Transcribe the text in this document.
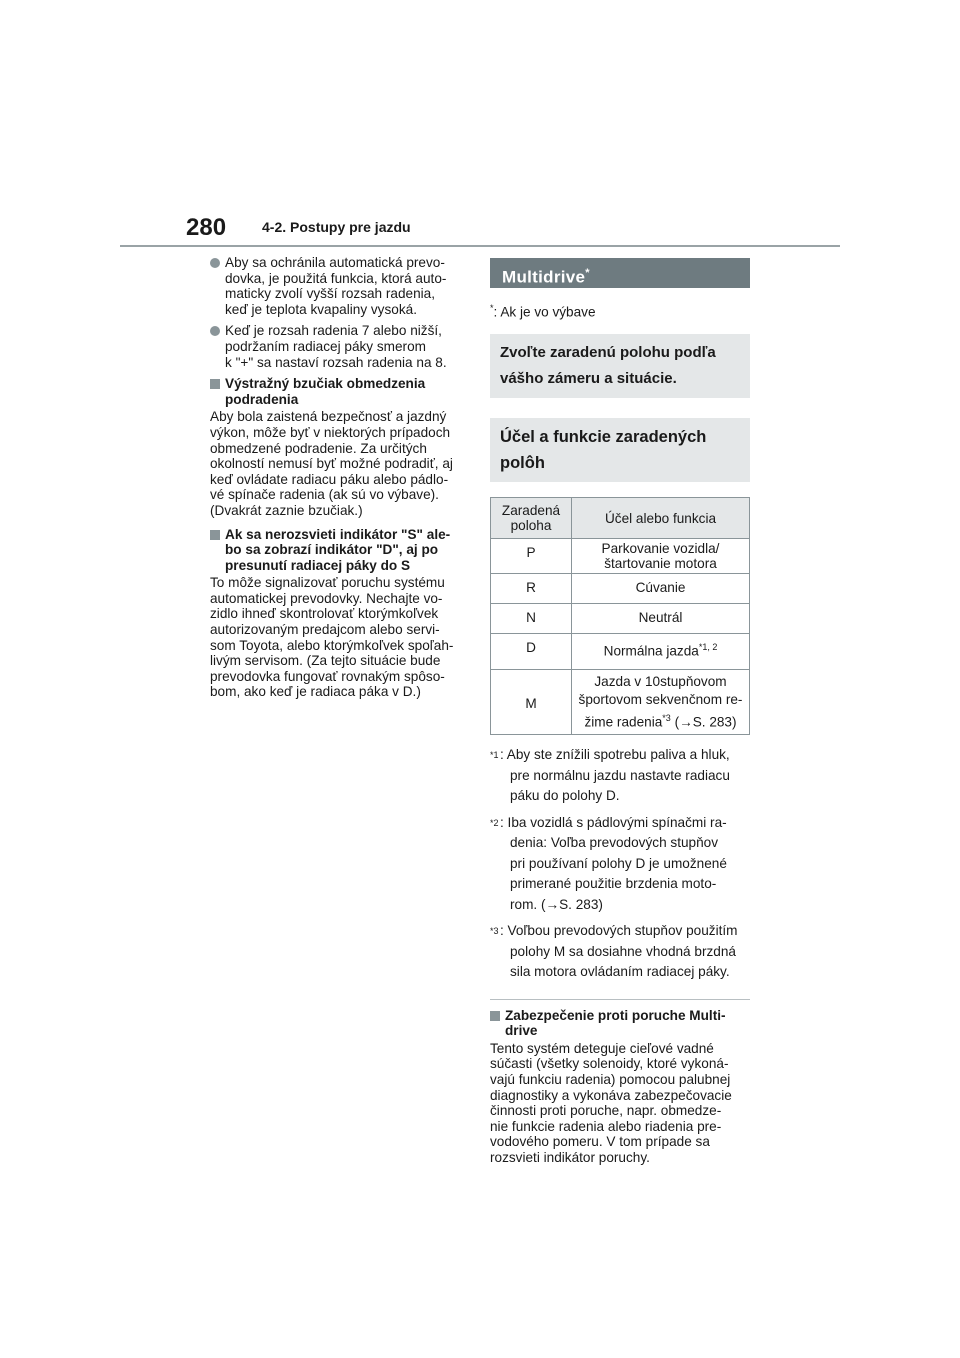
280	4-2. Postupy pre jazdu
Aby sa ochránila automatická prevo-
dovka, je použitá funkcia, ktorá auto-
maticky zvolí vyšší rozsah radenia,
keď je teplota kvapaliny vysoká.
Keď je rozsah radenia 7 alebo nižší,
podržaním radiacej páky smerom
k "+" sa nastaví rozsah radenia na 8.
Výstražný bzučiak obmedzenia
podradenia
Aby bola zaistená bezpečnosť a jazdný
výkon, môže byť v niektorých prípadoch
obmedzené podradenie. Za určitých
okolností nemusí byť možné podradiť, aj
keď ovládate radiacu páku alebo pádlo-
vé spínače radenia (ak sú vo výbave).
(Dvakrát zaznie bzučiak.)
Ak sa nerozsvieti indikátor "S" ale-
bo sa zobrazí indikátor "D", aj po
presunutí radiacej páky do S
To môže signalizovať poruchu systému
automatickej prevodovky. Nechajte vo-
zidlo ihneď skontrolovať ktorýmkoľvek
autorizovaným predajcom alebo servi-
som Toyota, alebo ktorýmkoľvek spoľah-
livým servisom. (Za tejto situácie bude
prevodovka fungovať rovnakým spôso-
bom, ako keď je radiaca páka v D.)
Multidrive*
*: Ak je vo výbave
Zvoľte zaradenú polohu podľa
vášho zámeru a situácie.
Účel a funkcie zaradených
polôh
Zaradená
poloha	Účel alebo funkcia
P	Parkovanie vozidla/
štartovanie motora

R	Cúvanie
N	Neutrál
D	Normálna jazda$^{*1, 2}$
M	Jazda v 10stupňovom
športovom sekvenčnom re-
žime radenia$^{*3}$ (→S. 283)
$^{*1}$ : Aby ste znížili spotrebu paliva a hluk,
pre normálnu jazdu nastavte radiacu
páku do polohy D.
$^{*2}$ : Iba vozidlá s pádlovými spínačmi ra-
denia: Voľba prevodových stupňov
pri používaní polohy D je umožnené
primerané použitie brzdenia moto-
rom. (→S. 283)
$^{*3}$ : Voľbou prevodových stupňov použitím
polohy M sa dosiahne vhodná brzdná
sila motora ovládaním radiacej páky.
Zabezpečenie proti poruche Multi-
drive
Tento systém deteguje cieľové vadné
súčasti (všetky solenoidy, ktoré vykoná-
vajú funkciu radenia) pomocou palubnej
diagnostiky a vykonáva zabezpečovacie
činnosti proti poruche, napr. obmedze-
nie funkcie radenia alebo riadenia pre-
vodového pomeru. V tom prípade sa
rozsvieti indikátor poruchy.
